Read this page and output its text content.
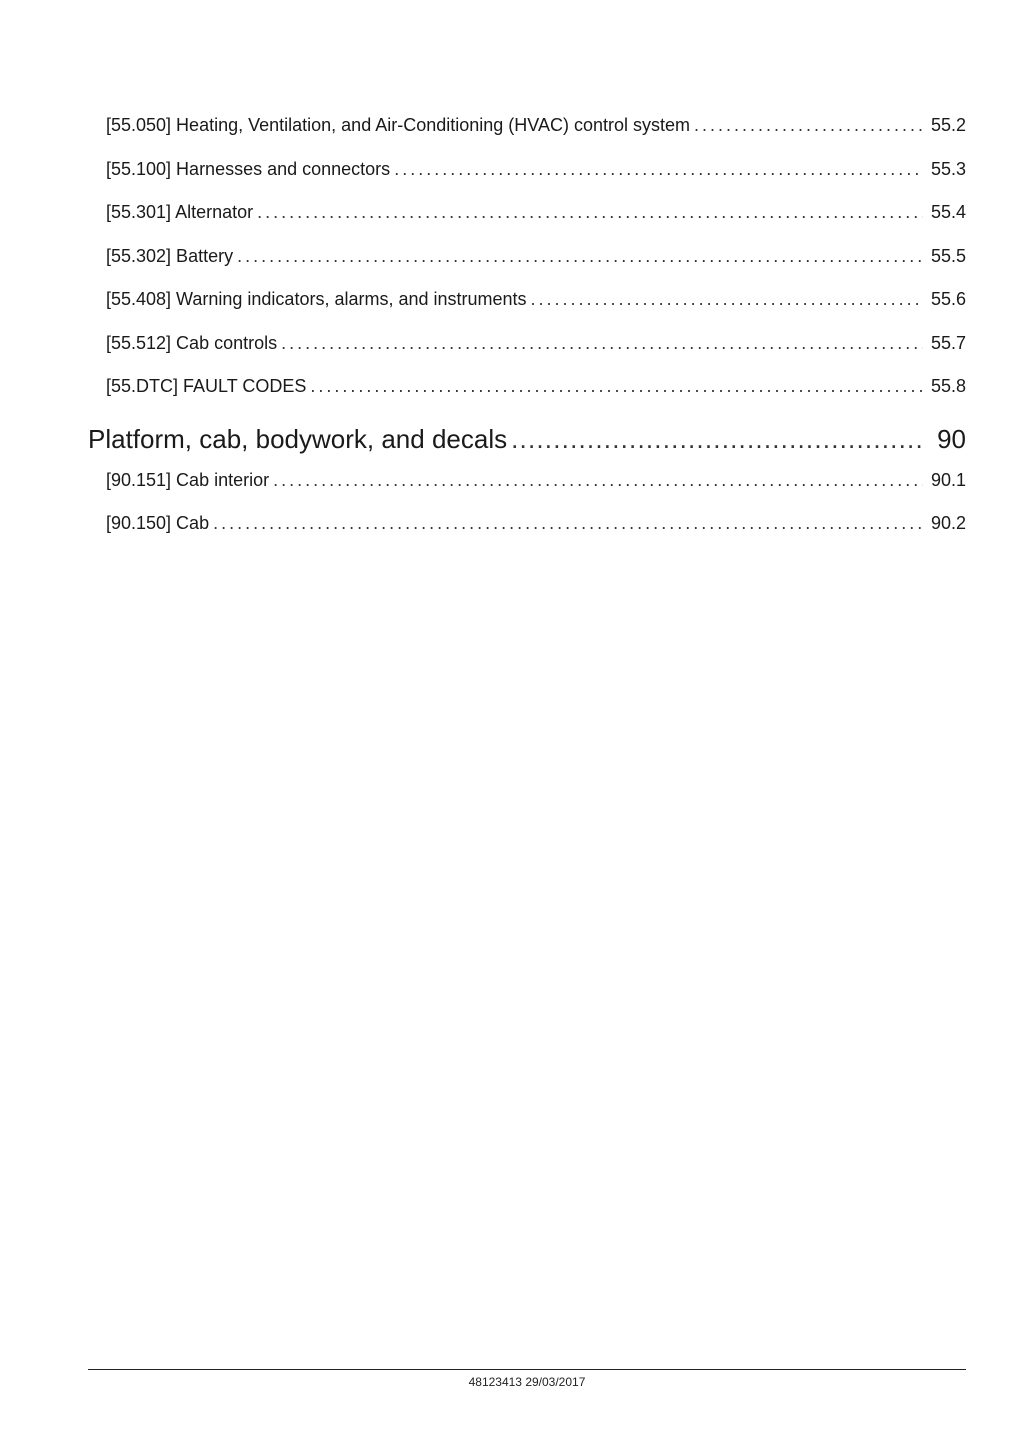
[55.050] Heating, Ventilation, and Air-Conditioning (HVAC) control system . . .	55.2
[55.100] Harnesses and connectors . . .	55.3
[55.301] Alternator . . .	55.4
[55.302] Battery . . .	55.5
[55.408] Warning indicators, alarms, and instruments . . .	55.6
[55.512] Cab controls . . .	55.7
[55.DTC] FAULT CODES . . .	55.8
Platform, cab, bodywork, and decals .....	90
[90.151] Cab interior . . .	90.1
[90.150] Cab . . .	90.2
48123413 29/03/2017
